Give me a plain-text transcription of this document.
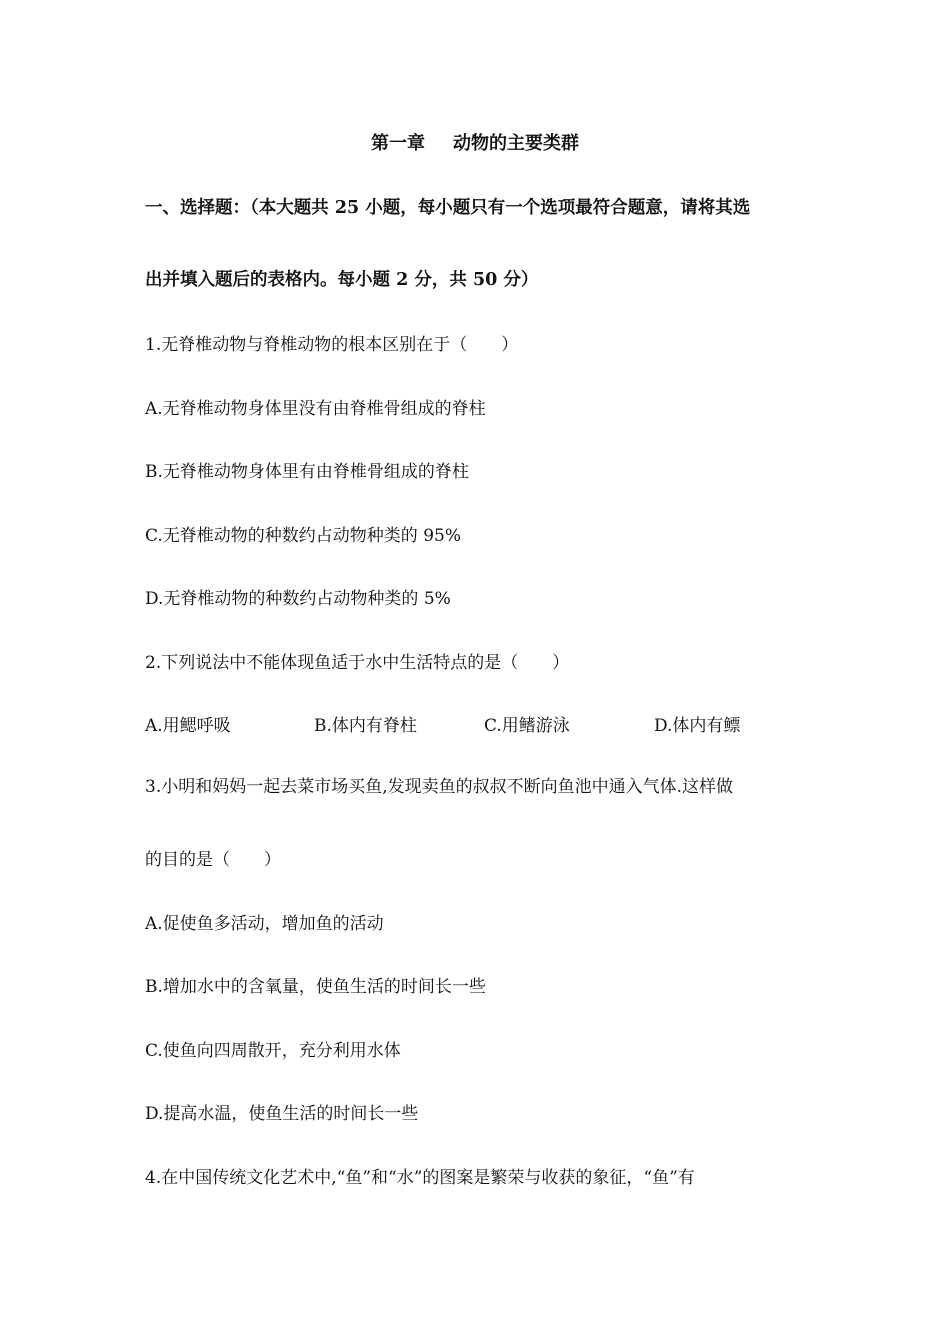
第一章 动物的主要类群
一、选择题：（本大题共 25 小题，每小题只有一个选项最符合题意，请将其选
出并填入题后的表格内。每小题 2 分，共 50 分）
1.无脊椎动物与脊椎动物的根本区别在于（　　）
A.无脊椎动物身体里没有由脊椎骨组成的脊柱
B.无脊椎动物身体里有由脊椎骨组成的脊柱
C.无脊椎动物的种数约占动物种类的 95%
D.无脊椎动物的种数约占动物种类的 5%
2.下列说法中不能体现鱼适于水中生活特点的是（　　）
A.用鳃呼吸	B.体内有脊柱	C.用鳍游泳	D.体内有鳔
3.小明和妈妈一起去菜市场买鱼,发现卖鱼的叔叔不断向鱼池中通入气体.这样做
的目的是（　　）
A.促使鱼多活动，增加鱼的活动
B.增加水中的含氧量，使鱼生活的时间长一些
C.使鱼向四周散开，充分利用水体
D.提高水温，使鱼生活的时间长一些
4.在中国传统文化艺术中,“鱼”和“水”的图案是繁荣与收获的象征，“鱼”有
